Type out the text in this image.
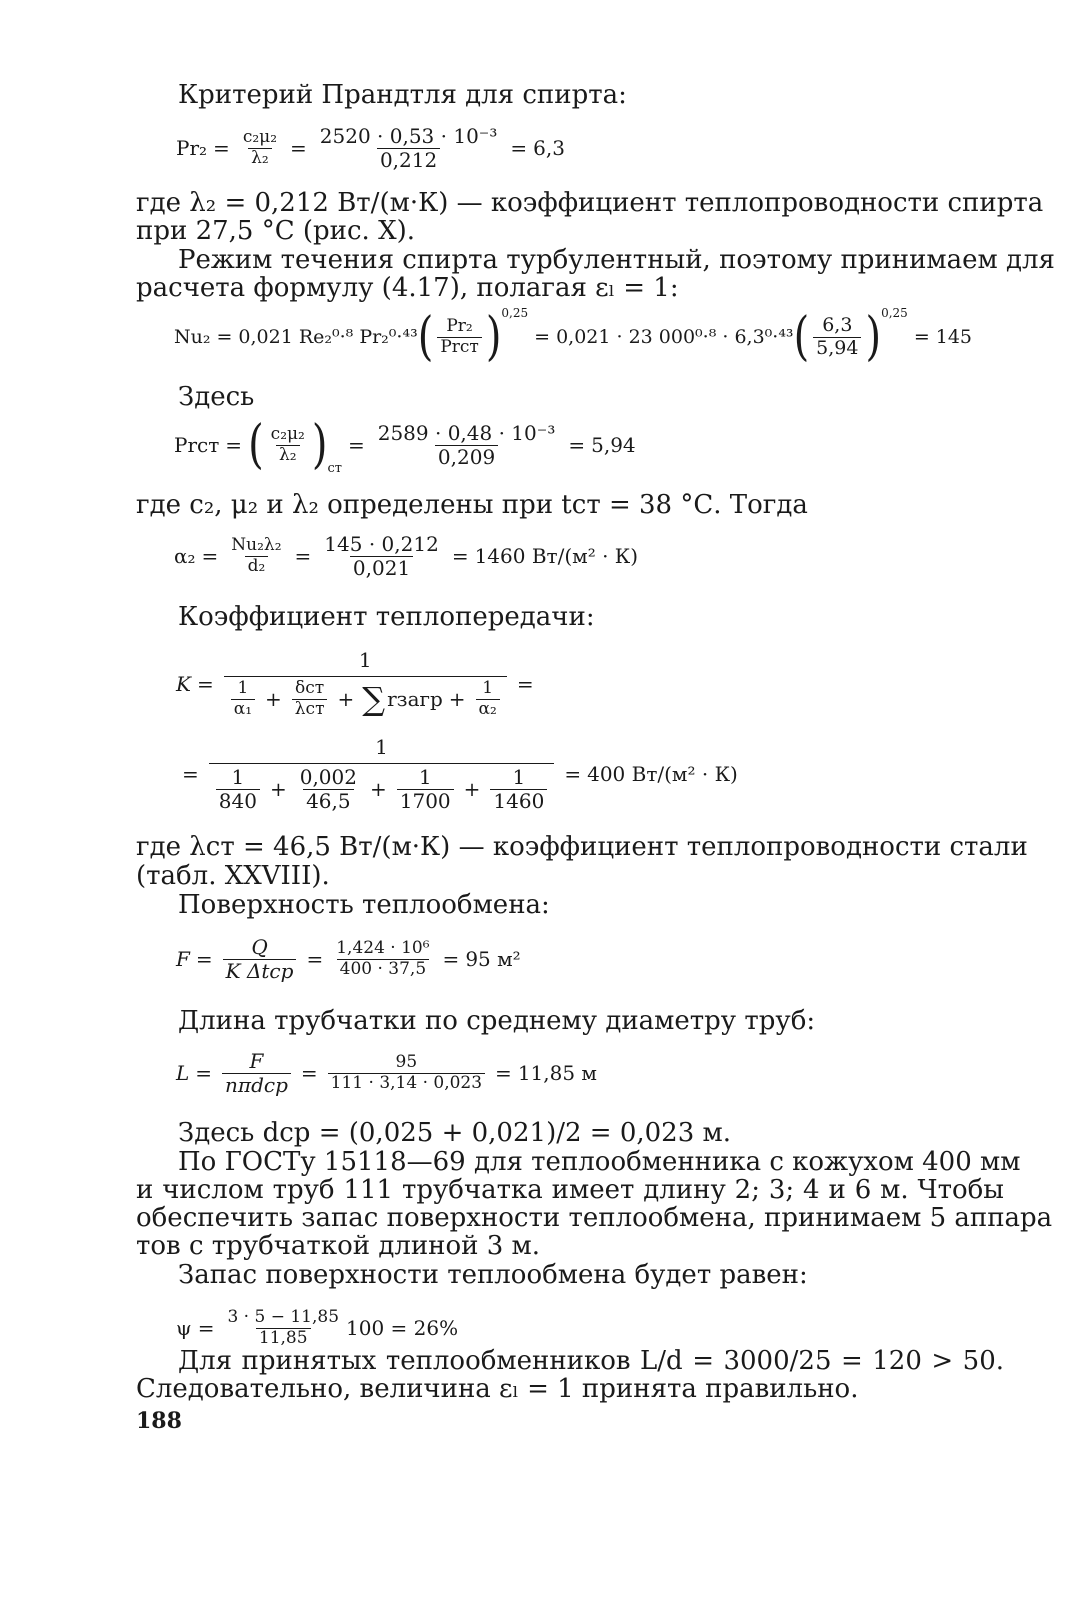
Критерий Прандтля для спирта:
$Pr_2 = \frac{\text{c₂μ₂}}{\text{λ₂}} = \frac{\text{2520 · 0,53 · 10⁻³}}{0,212} = 6,3$
где λ₂ = 0,212 Вт/(м·К) — коэффициент теплопроводности спирта
при 27,5 °С (рис. X).
Режим течения спирта турбулентный, поэтому принимаем для
расчета формулу (4.17), полагая εₗ = 1:
Nu₂ = 0,021 Re₂⁰·⁸ Pr₂⁰·⁴³ ( Pr₂
Prст )$^{0,25}$
= 0,021 · 23 000⁰·⁸ · 6,3⁰·⁴³ ( 6,3
5,94 )$^{0,25}$
= 145
Здесь
Prст = ( c₂μ₂
λ₂ )$_{ст}$
= $\frac{\text{2589 · 0,48 · 10⁻³}}{0,209} = 5,94$
где c₂, μ₂ и λ₂ определены при tст = 38 °С. Тогда
$\alpha_2 = \frac{\text{Nu₂λ₂}}{\text{d₂}} = \frac{145 \cdot 0,212}{0,021} = 1460$ Вт/(м² · К)
Коэффициент теплопередачи:
K =
1
1
α₁ + δст
λст + ∑ rзагр + $\frac{1}{\text{α₂}}$ =
=
1
1
$840 + \frac{0,002}{46,5} + \frac{1}{1700} + \frac{1}{1460} = 400$ Вт/(м² · К)
где λст = 46,5 Вт/(м·К) — коэффициент теплопроводности стали
(табл. XXVIII).
Поверхность теплообмена:
F =
Q
K $\Delta tср = \frac{\text{1,424 · 10⁶}}{400 \cdot 37,5} = 95$ м²
Длина трубчатки по среднему диаметру труб:
L =
F
$n\pi dср = \frac{95}{111 \cdot 3,14 \cdot 0,023} = 11,85$ м
Здесь dср = (0,025 + 0,021)/2 = 0,023 м.
По ГОСТу 15118—69 для теплообменника с кожухом 400 мм
и числом труб 111 трубчатка имеет длину 2; 3; 4 и 6 м. Чтобы
обеспечить запас поверхности теплообмена, принимаем 5 аппара
тов с трубчаткой длиной 3 м.
Запас поверхности теплообмена будет равен:
$\psi = \frac{3 \cdot 5 - 11,85}{11,85} 100 = 26\%$
Для принятых теплообменников L/d = 3000/25 = 120 > 50.
Следовательно, величина εₗ = 1 принята правильно.
188
